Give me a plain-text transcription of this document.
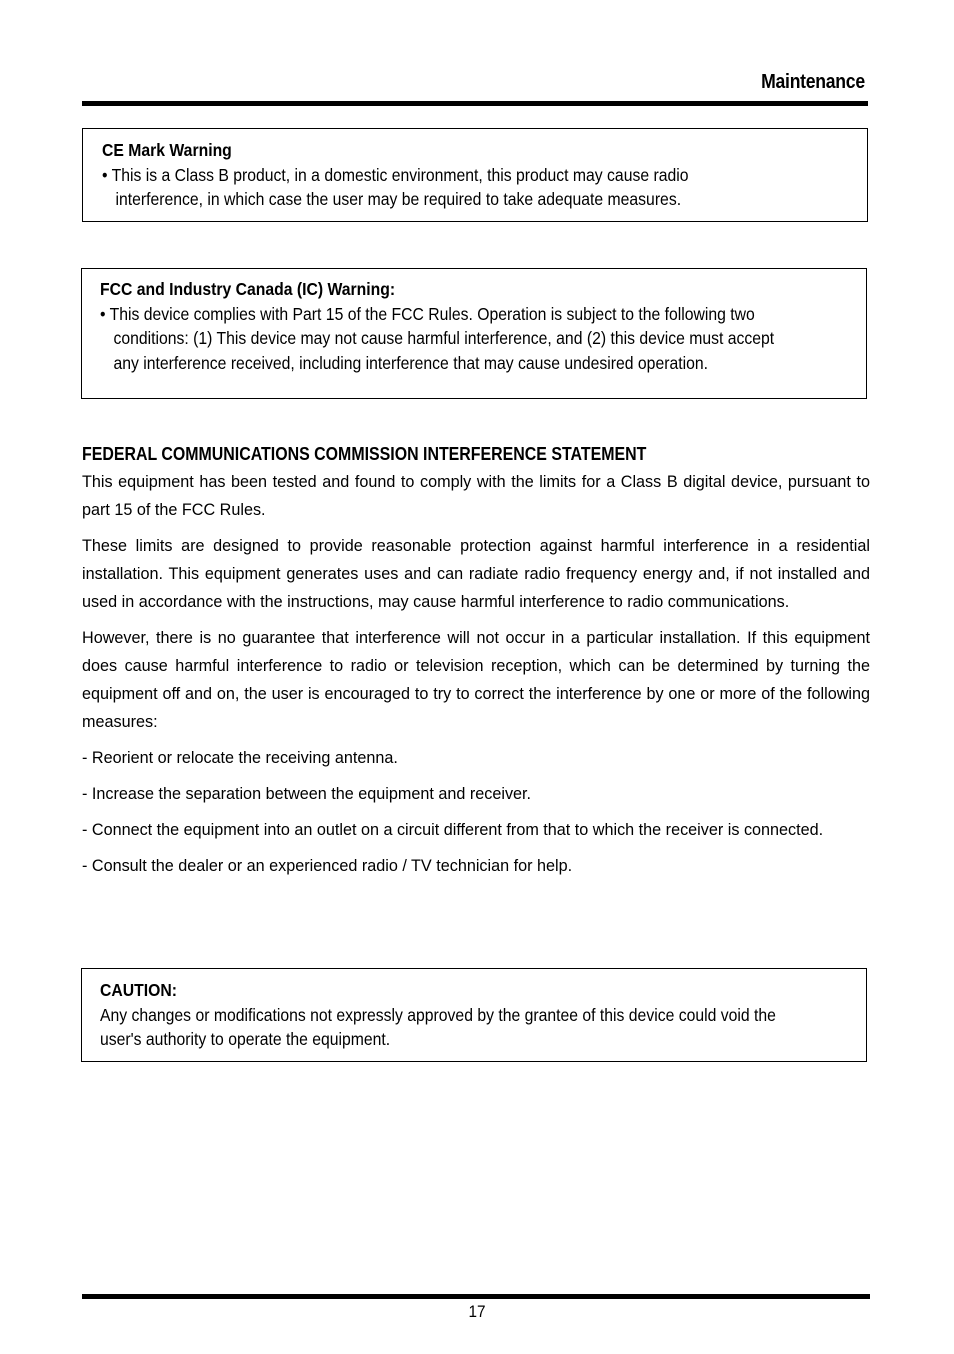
Maintenance
CE Mark Warning
• This is a Class B product, in a domestic environment, this product may cause radio
interference, in which case the user may be required to take adequate measures.
FCC and Industry Canada (IC) Warning:
• This device complies with Part 15 of the FCC Rules. Operation is subject to the following two
conditions: (1) This device may not cause harmful interference, and (2) this device must accept
any interference received, including interference that may cause undesired operation.
FEDERAL COMMUNICATIONS COMMISSION INTERFERENCE STATEMENT

This equipment has been tested and found to comply with the limits for a Class B digital device, pursuant to part 15 of the FCC Rules.

These limits are designed to provide reasonable protection against harmful interference in a residential installation. This equipment generates uses and can radiate radio frequency energy and, if not installed and used in accordance with the instructions, may cause harmful interference to radio communications.

However, there is no guarantee that interference will not occur in a particular installation. If this equipment does cause harmful interference to radio or television reception, which can be determined by turning the equipment off and on, the user is encouraged to try to correct the interference by one or more of the following measures:

- Reorient or relocate the receiving antenna.
- Increase the separation between the equipment and receiver.
- Connect the equipment into an outlet on a circuit different from that to which the receiver is connected.
- Consult the dealer or an experienced radio / TV technician for help.
CAUTION:
Any changes or modifications not expressly approved by the grantee of this device could void the
user's authority to operate the equipment.
17
